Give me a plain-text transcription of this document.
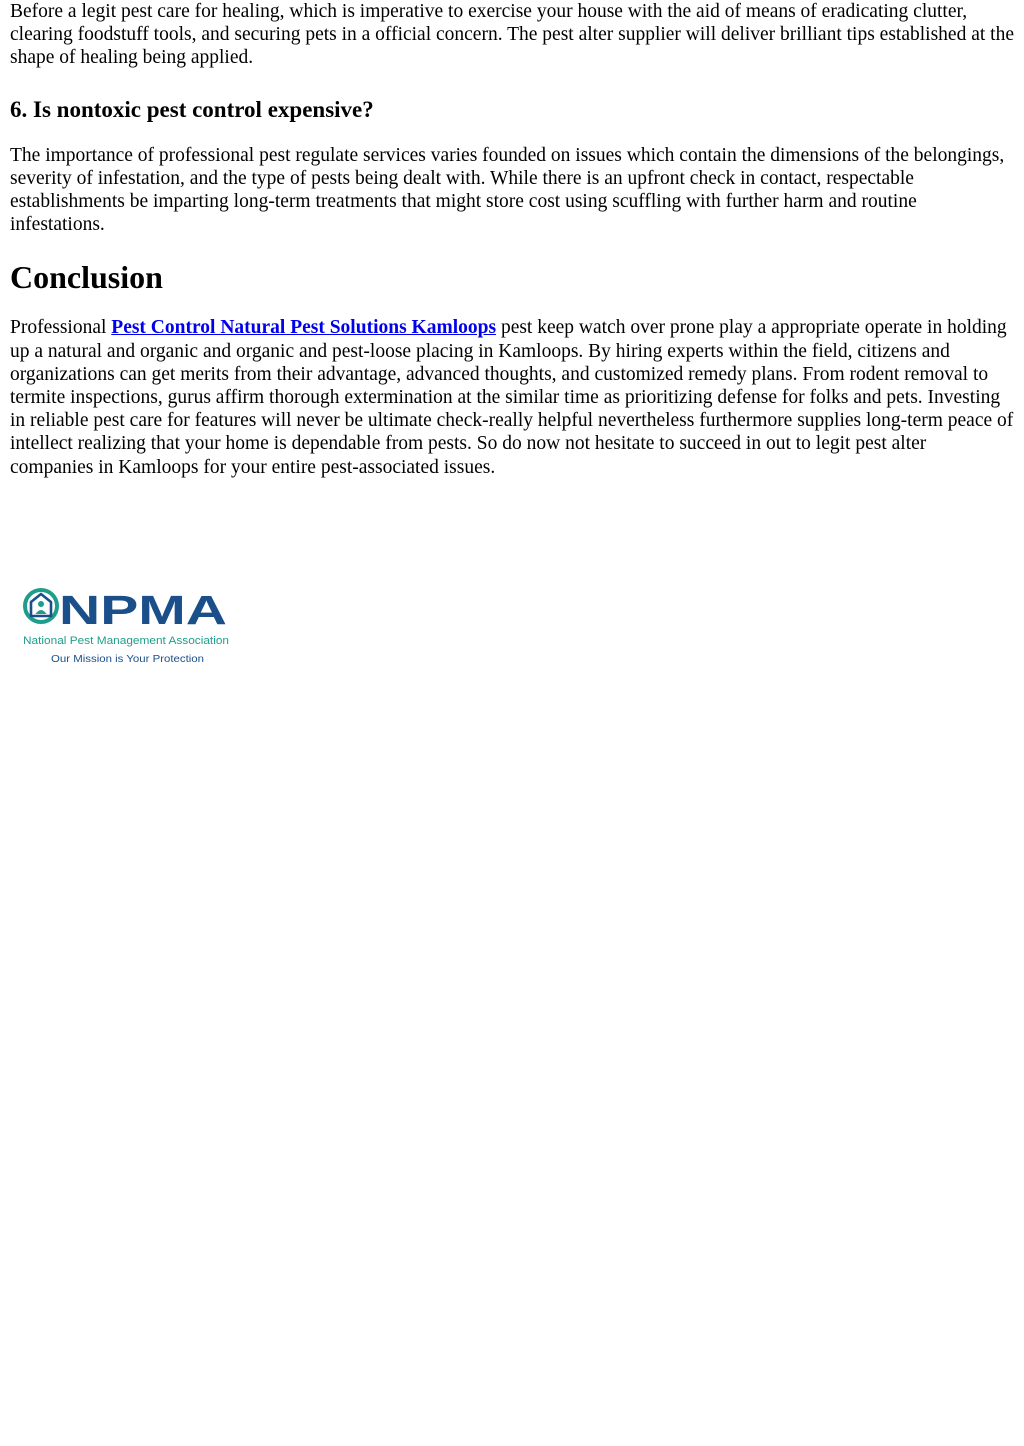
Before a legit pest care for healing, which is imperative to exercise your house with the aid of means of eradicating clutter, clearing foodstuff tools, and securing pets in a official concern. The pest alter supplier will deliver brilliant tips established at the shape of healing being applied.

6. Is nontoxic pest control expensive?

The importance of professional pest regulate services varies founded on issues which contain the dimensions of the belongings, severity of infestation, and the type of pests being dealt with. While there is an upfront check in contact, respectable establishments be imparting long-term treatments that might store cost using scuffling with further harm and routine infestations.

Conclusion

Professional Pest Control Natural Pest Solutions Kamloops pest keep watch over prone play a appropriate operate in holding up a natural and organic and organic and pest-loose placing in Kamloops. By hiring experts within the field, citizens and organizations can get merits from their advantage, advanced thoughts, and customized remedy plans. From rodent removal to termite inspections, gurus affirm thorough extermination at the similar time as prioritizing defense for folks and pets. Investing in reliable pest care for features will never be ultimate check-really helpful nevertheless furthermore supplies long-term peace of intellect realizing that your home is dependable from pests. So do now not hesitate to succeed in out to legit pest alter companies in Kamloops for your entire pest-associated issues.

NPMA
National Pest Management Association
Our Mission is Your Protection
